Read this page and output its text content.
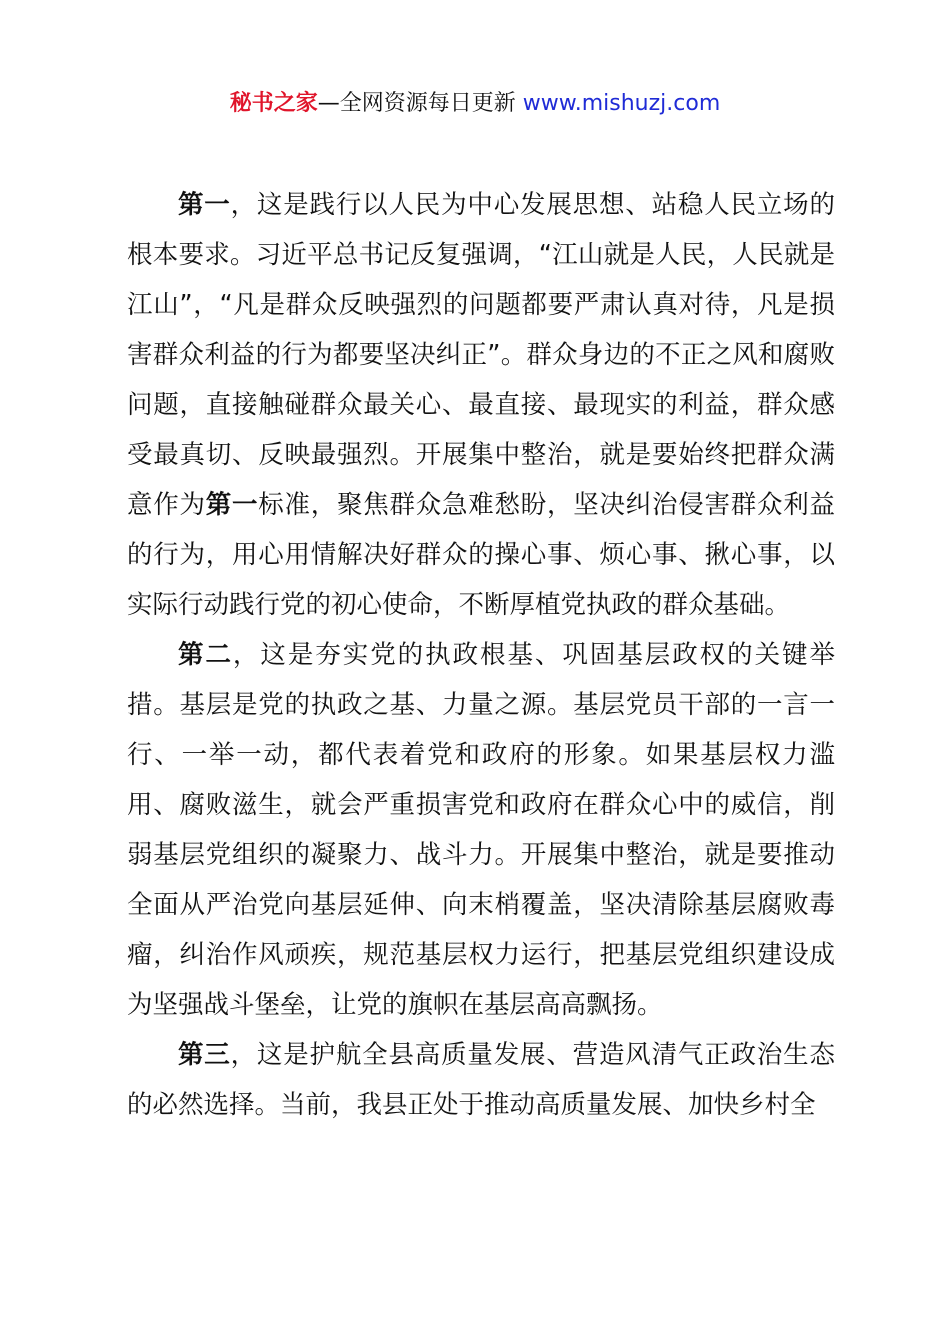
秘书之家—全网资源每日更新 www.mishuzj.com

第一，这是践行以人民为中心发展思想、站稳人民立场的根本要求。习近平总书记反复强调，“江山就是人民，人民就是江山”，“凡是群众反映强烈的问题都要严肃认真对待，凡是损害群众利益的行为都要坚决纠正”。群众身边的不正之风和腐败问题，直接触碰群众最关心、最直接、最现实的利益，群众感受最真切、反映最强烈。开展集中整治，就是要始终把群众满意作为第一标准，聚焦群众急难愁盼，坚决纠治侵害群众利益的行为，用心用情解决好群众的操心事、烦心事、揪心事，以实际行动践行党的初心使命，不断厚植党执政的群众基础。

第二，这是夯实党的执政根基、巩固基层政权的关键举措。基层是党的执政之基、力量之源。基层党员干部的一言一行、一举一动，都代表着党和政府的形象。如果基层权力滥用、腐败滋生，就会严重损害党和政府在群众心中的威信，削弱基层党组织的凝聚力、战斗力。开展集中整治，就是要推动全面从严治党向基层延伸、向末梢覆盖，坚决清除基层腐败毒瘤，纠治作风顽疾，规范基层权力运行，把基层党组织建设成为坚强战斗堡垒，让党的旗帜在基层高高飘扬。

第三，这是护航全县高质量发展、营造风清气正政治生态的必然选择。当前，我县正处于推动高质量发展、加快乡村全
